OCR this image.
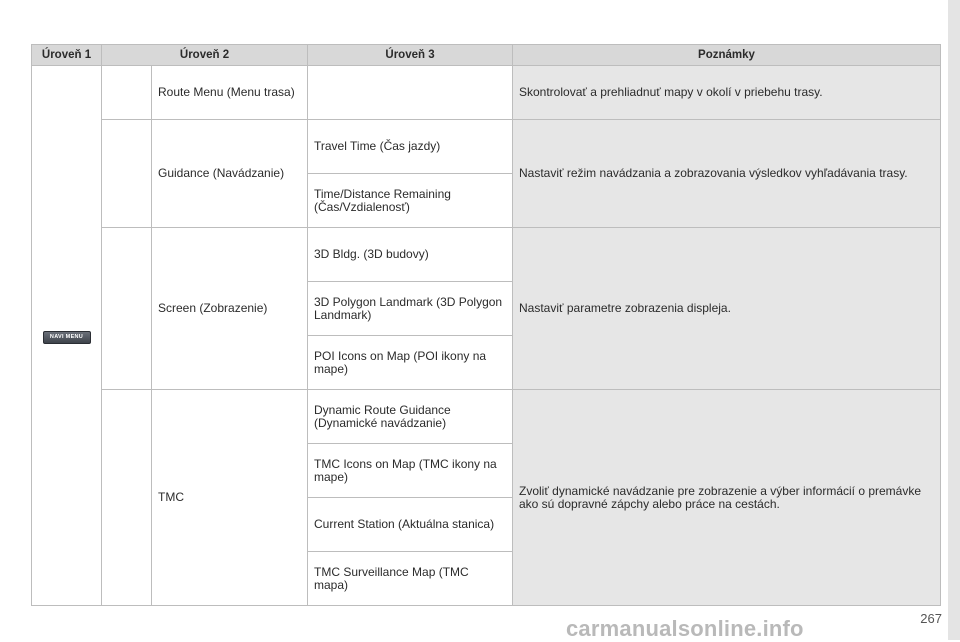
Úroveň 1	Úroveň 2		Úroveň 3	Poznámky
NAVI MENU		Route Menu (Menu trasa)		Skontrolovať a prehliadnuť mapy v okolí v priebehu trasy.
		Guidance (Navádzanie)	Travel Time (Čas jazdy)	Nastaviť režim navádzania a zobrazovania výsledkov vyhľadávania trasy.
			Time/Distance Remaining (Čas/Vzdialenosť)	
		Screen (Zobrazenie)	3D Bldg. (3D budovy)	Nastaviť parametre zobrazenia displeja.
			3D Polygon Landmark (3D Polygon Landmark)	
			POI Icons on Map (POI ikony na mape)	
		TMC	Dynamic Route Guidance (Dynamické navádzanie)	Zvoliť dynamické navádzanie pre zobrazenie a výber informácií o premávke ako sú dopravné zápchy alebo práce na cestách.
			TMC Icons on Map (TMC ikony na mape)	
			Current Station (Aktuálna stanica)	
			TMC Surveillance Map (TMC mapa)	
267
carmanualsonline.info
